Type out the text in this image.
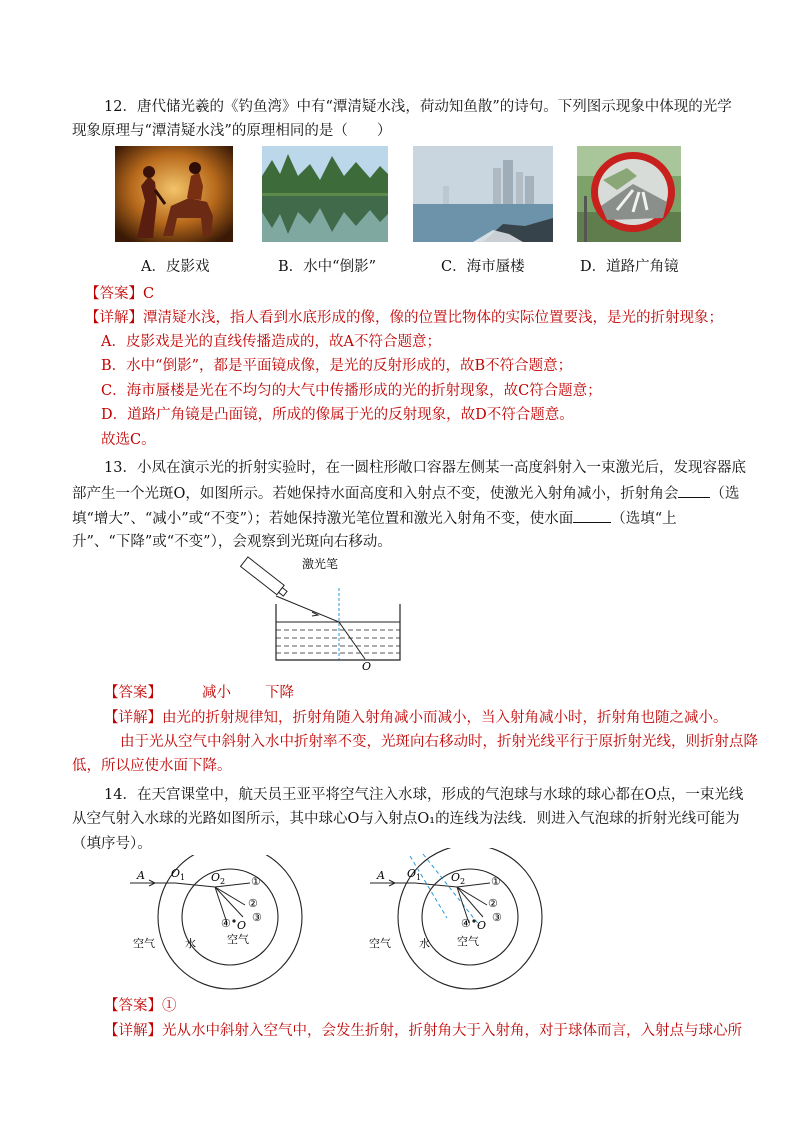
12．唐代储光羲的《钓鱼湾》中有“潭清疑水浅，荷动知鱼散”的诗句。下列图示现象中体现的光学
现象原理与“潭清疑水浅”的原理相同的是（　　）
A．皮影戏	B．水中“倒影”	C．海市蜃楼	D．道路广角镜
【答案】C
【详解】潭清疑水浅，指人看到水底形成的像，像的位置比物体的实际位置要浅，是光的折射现象；
A．皮影戏是光的直线传播造成的，故A不符合题意；
B．水中“倒影”，都是平面镜成像，是光的反射形成的，故B不符合题意；
C．海市蜃楼是光在不均匀的大气中传播形成的光的折射现象，故C符合题意；
D．道路广角镜是凸面镜，所成的像属于光的反射现象，故D不符合题意。
故选C。
13．小凤在演示光的折射实验时，在一圆柱形敞口容器左侧某一高度斜射入一束激光后，发现容器底
部产生一个光斑O，如图所示。若她保持水面高度和入射点不变，使激光入射角减小，折射角会 （选
填“增大”、“减小”或“不变”）；若她保持激光笔位置和激光入射角不变，使水面	（选填“上
升”、“下降”或“不变”），会观察到光斑向右移动。
激光笔
O
【答案】	减小 下降
【详解】由光的折射规律知，折射角随入射角减小而减小，当入射角减小时，折射角也随之减小。
由于光从空气中斜射入水中折射率不变，光斑向右移动时，折射光线平行于原折射光线，则折射点降
低，所以应使水面下降。
14．在天宫课堂中，航天员王亚平将空气注入水球，形成的气泡球与水球的球心都在O点，一束光线
从空气射入水球的光路如图所示，其中球心O与入射点O₁的连线为法线．则进入气泡球的折射光线可能为
（填序号）。
A O 1 O 2 ①
②
③
④ O
空气	水	空气
A O 1	O 2 ①
②
③
④ O
空气	水 空气
【答案】①
【详解】光从水中斜射入空气中，会发生折射，折射角大于入射角，对于球体而言，入射点与球心所
